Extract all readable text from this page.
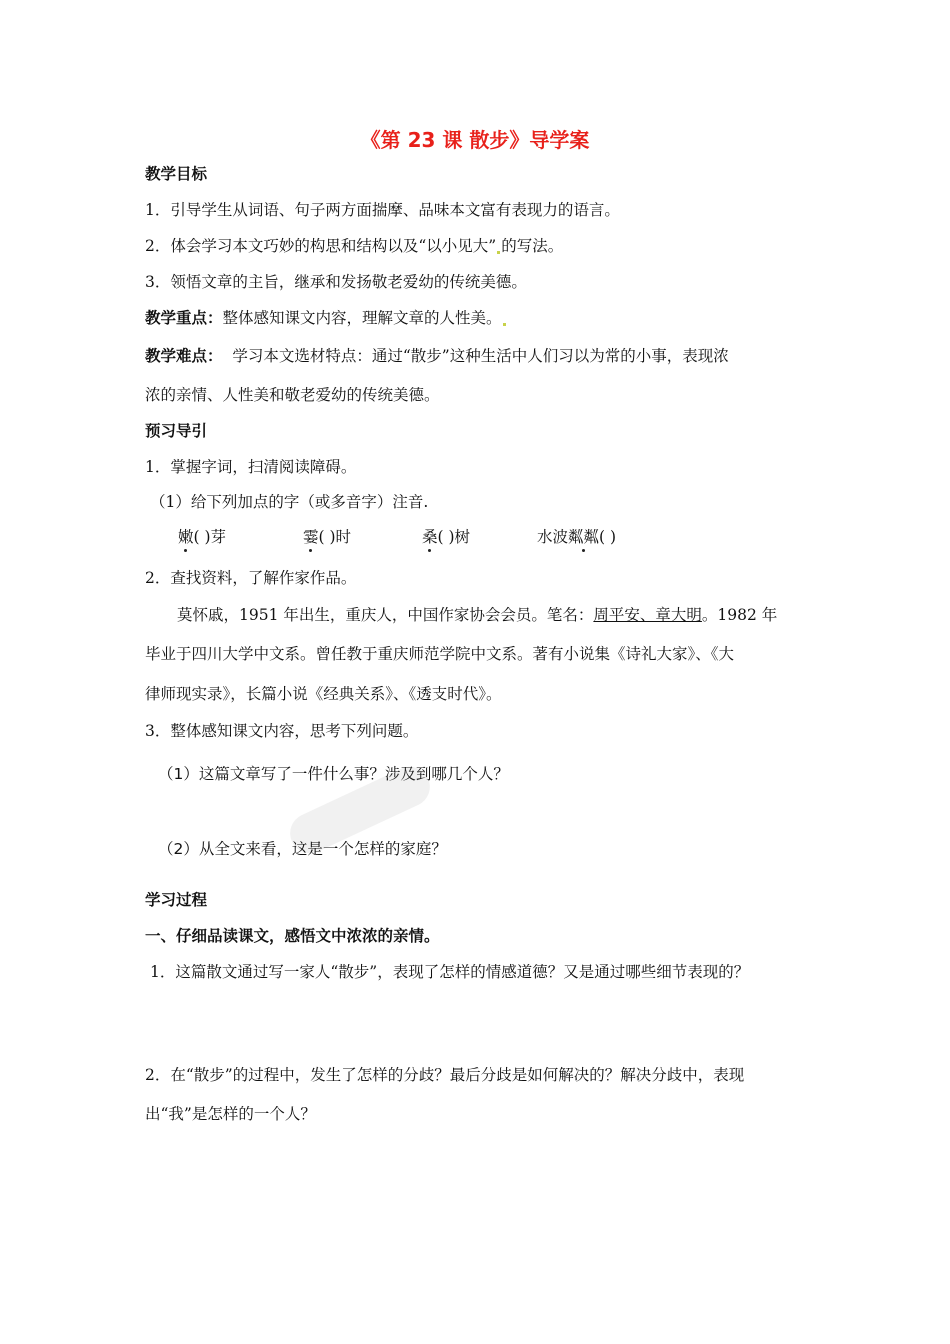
《第 23 课 散步》导学案
教学目标
1．引导学生从词语、句子两方面揣摩、品味本文富有表现力的语言。
2．体会学习本文巧妙的构思和结构以及“以小见大” 的写法。
3．领悟文章的主旨，继承和发扬敬老爱幼的传统美德。
教学重点：整体感知课文内容，理解文章的人性美。
教学难点： 学习本文选材特点：通过“散步”这种生活中人们习以为常的小事，表现浓
浓的亲情、人性美和敬老爱幼的传统美德。
预习导引
1．掌握字词，扫清阅读障碍。
（1）给下列加点的字（或多音字）注音.
嫩( )芽	霎( )时	桑( )树	水波粼粼( )
2．查找资料，了解作家作品。
莫怀戚，1951 年出生，重庆人，中国作家协会会员。笔名：周平安、章大明。1982 年
毕业于四川大学中文系。曾任教于重庆师范学院中文系。著有小说集《诗礼大家》、《大
律师现实录》，长篇小说《经典关系》、《透支时代》。
3．整体感知课文内容，思考下列问题。
（1）这篇文章写了一件什么事？涉及到哪几个人？
（2）从全文来看，这是一个怎样的家庭？
学习过程
一、仔细品读课文，感悟文中浓浓的亲情。
1．这篇散文通过写一家人“散步”，表现了怎样的情感道德？又是通过哪些细节表现的？
2．在“散步”的过程中，发生了怎样的分歧？最后分歧是如何解决的？解决分歧中，表现
出“我”是怎样的一个人？
